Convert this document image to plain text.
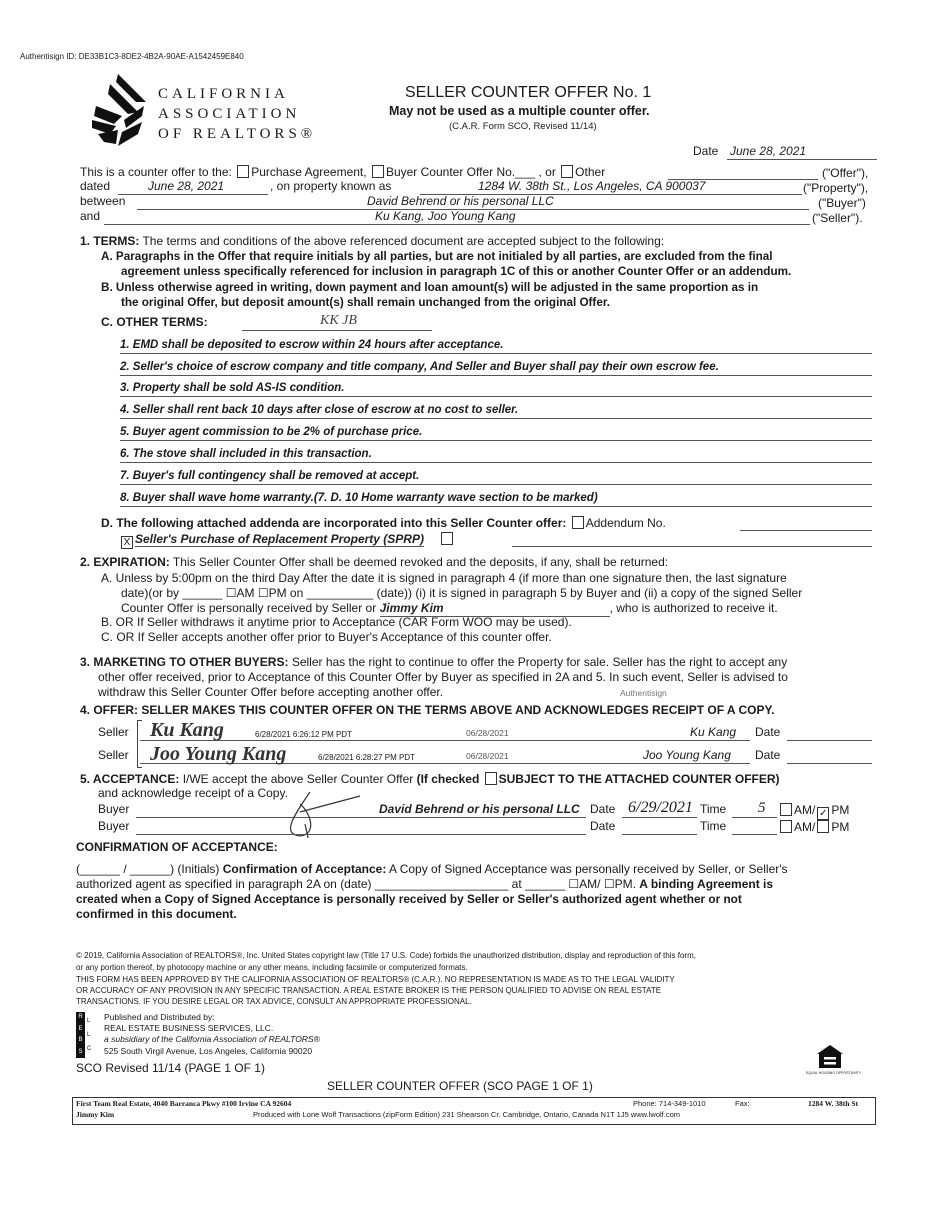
Authentisign ID: DE33B1C3-8DE2-4B2A-90AE-A1542459E840
CALIFORNIA
ASSOCIATION
OF REALTORS®
SELLER COUNTER OFFER No. 1
May not be used as a multiple counter offer.
(C.A.R. Form SCO, Revised 11/14)
Date June 28, 2021
This is a counter offer to the: Purchase Agreement, Buyer Counter Offer No.___ , or Other	("Offer"),
dated	June 28, 2021	, on property known as	1284 W. 38th St., Los Angeles, CA 900037	("Property"),
between	David Behrend or his personal LLC	("Buyer")
and	Ku Kang, Joo Young Kang	("Seller").
1. TERMS: The terms and conditions of the above referenced document are accepted subject to the following:
A. Paragraphs in the Offer that require initials by all parties, but are not initialed by all parties, are excluded from the final
agreement unless specifically referenced for inclusion in paragraph 1C of this or another Counter Offer or an addendum.
B. Unless otherwise agreed in writing, down payment and loan amount(s) will be adjusted in the same proportion as in
the original Offer, but deposit amount(s) shall remain unchanged from the original Offer.
C. OTHER TERMS:	KK JB
1. EMD shall be deposited to escrow within 24 hours after acceptance.
2. Seller's choice of escrow company and title company, And Seller and Buyer shall pay their own escrow fee.
3. Property shall be sold AS-IS condition.
4. Seller shall rent back 10 days after close of escrow at no cost to seller.
5. Buyer agent commission to be 2% of purchase price.
6. The stove shall included in this transaction.
7. Buyer's full contingency shall be removed at accept.
8. Buyer shall wave home warranty.(7. D. 10 Home warranty wave section to be marked)
D. The following attached addenda are incorporated into this Seller Counter offer: Addendum No.
X Seller's Purchase of Replacement Property (SPRP)
2. EXPIRATION: This Seller Counter Offer shall be deemed revoked and the deposits, if any, shall be returned:
A. Unless by 5:00pm on the third Day After the date it is signed in paragraph 4 (if more than one signature then, the last signature
date)(or by ______ ☐AM ☐PM on __________ (date)) (i) it is signed in paragraph 5 by Buyer and (ii) a copy of the signed Seller
Counter Offer is personally received by Seller or Jimmy Kim	, who is authorized to receive it.
B. OR If Seller withdraws it anytime prior to Acceptance (CAR Form WOO may be used).
C. OR If Seller accepts another offer prior to Buyer's Acceptance of this counter offer.
3. MARKETING TO OTHER BUYERS: Seller has the right to continue to offer the Property for sale. Seller has the right to accept any
other offer received, prior to Acceptance of this Counter Offer by Buyer as specified in 2A and 5. In such event, Seller is advised to
withdraw this Seller Counter Offer before accepting another offer.	Authentisign
4. OFFER: SELLER MAKES THIS COUNTER OFFER ON THE TERMS ABOVE AND ACKNOWLEDGES RECEIPT OF A COPY.
Seller Ku Kang	6/28/2021 6:26:12 PM PDT	06/28/2021	Ku Kang Date
Seller Joo Young Kang	6/28/2021 6:28:27 PM PDT	06/28/2021	Joo Young Kang Date
5. ACCEPTANCE: I/WE accept the above Seller Counter Offer (If checked SUBJECT TO THE ATTACHED COUNTER OFFER)
and acknowledge receipt of a Copy.
Buyer	David Behrend or his personal LLC Date 6/29/2021 Time 5	AM/ ✓ PM
Buyer	Date	Time	AM/ PM
CONFIRMATION OF ACCEPTANCE:
(______ / ______) (Initials) Confirmation of Acceptance: A Copy of Signed Acceptance was personally received by Seller, or Seller's
authorized agent as specified in paragraph 2A on (date) ____________________ at ______ ☐AM/ ☐PM. A binding Agreement is
created when a Copy of Signed Acceptance is personally received by Seller or Seller's authorized agent whether or not
confirmed in this document.
© 2019, California Association of REALTORS®, Inc. United States copyright law (Title 17 U.S. Code) forbids the unauthorized distribution, display and reproduction of this form,
or any portion thereof, by photocopy machine or any other means, including facsimile or computerized formats.
THIS FORM HAS BEEN APPROVED BY THE CALIFORNIA ASSOCIATION OF REALTORS® (C.A.R.). NO REPRESENTATION IS MADE AS TO THE LEGAL VALIDITY
OR ACCURACY OF ANY PROVISION IN ANY SPECIFIC TRANSACTION. A REAL ESTATE BROKER IS THE PERSON QUALIFIED TO ADVISE ON REAL ESTATE
TRANSACTIONS. IF YOU DESIRE LEGAL OR TAX ADVICE, CONSULT AN APPROPRIATE PROFESSIONAL.
R
E
B
S
L
L
C
Published and Distributed by:
REAL ESTATE BUSINESS SERVICES, LLC.
a subsidiary of the California Association of REALTORS®
525 South Virgil Avenue, Los Angeles, California 90020
SCO Revised 11/14 (PAGE 1 OF 1)
SELLER COUNTER OFFER (SCO PAGE 1 OF 1)
EQUAL HOUSING OPPORTUNITY
First Team Real Estate, 4040 Barranca Pkwy #100 Irvine CA 92604
Jimmy Kim
Phone: 714-349-1010	Fax:	1284 W. 38th St
Produced with Lone Wolf Transactions (zipForm Edition) 231 Shearson Cr. Cambridge, Ontario, Canada N1T 1J5 www.lwolf.com
